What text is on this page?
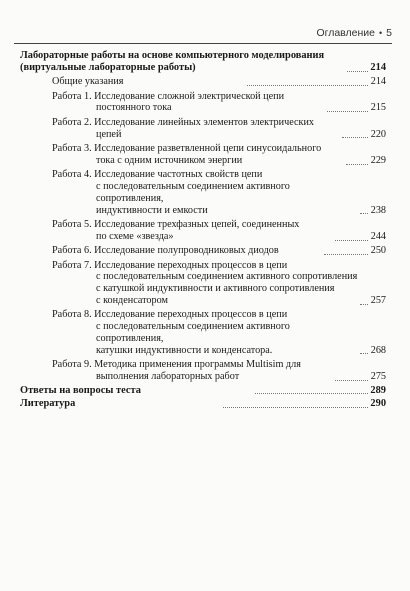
Оглавление • 5
Лабораторные работы на основе компьютерного моделирования
(виртуальные лабораторные работы)	214
Общие указания	214
Работа 1. Исследование сложной электрической цепи
постоянного тока	215
Работа 2. Исследование линейных элементов электрических
цепей	220
Работа 3. Исследование разветвленной цепи синусоидального
тока с одним источником энергии	229
Работа 4. Исследование частотных свойств цепи
с последовательным соединением активного сопротивления,
индуктивности и емкости	238
Работа 5. Исследование трехфазных цепей, соединенных
по схеме «звезда»	244
Работа 6. Исследование полупроводниковых диодов	250
Работа 7. Исследование переходных процессов в цепи
с последовательным соединением активного сопротивления
с катушкой индуктивности и активного сопротивления
с конденсатором	257
Работа 8. Исследование переходных процессов в цепи
с последовательным соединением активного сопротивления,
катушки индуктивности и конденсатора.	268
Работа 9. Методика применения программы Multisim для
выполнения лабораторных работ	275
Ответы на вопросы теста	289
Литература	290
